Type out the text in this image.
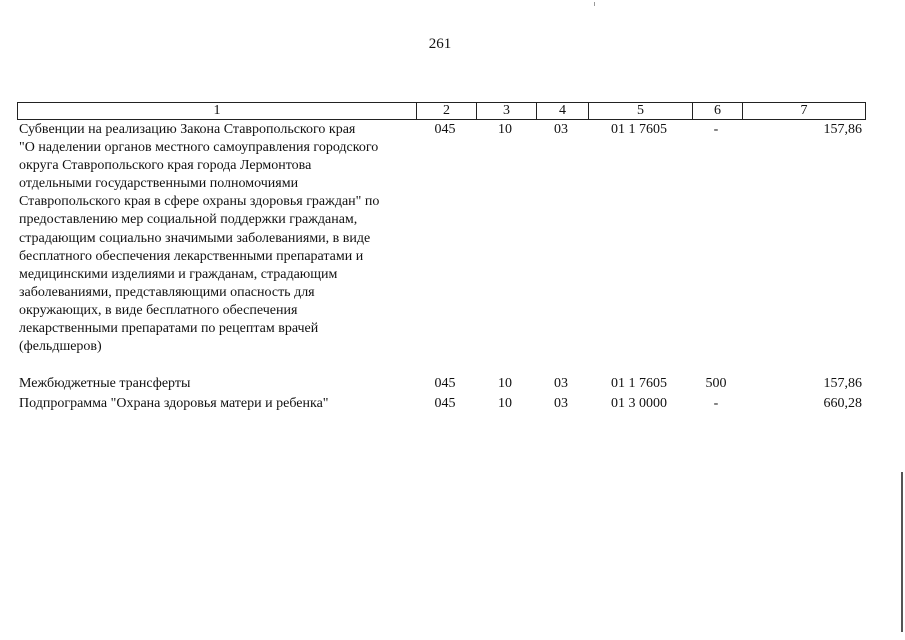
261
1	2	3	4	5	6	7
Субвенции на реализацию Закона Ставропольского края
"О наделении органов местного самоуправления городского
округа Ставропольского края города Лермонтова
отдельными государственными полномочиями
Ставропольского края в сфере охраны здоровья граждан" по
предоставлению мер социальной поддержки гражданам,
страдающим социально значимыми заболеваниями, в виде
бесплатного обеспечения лекарственными препаратами и
медицинскими изделиями и гражданам, страдающим
заболеваниями, представляющими опасность для
окружающих, в виде бесплатного обеспечения
лекарственными препаратами по рецептам врачей
(фельдшеров)
045	10	03	01 1 7605	-	157,86
Межбюджетные трансферты	045	10	03	01 1 7605	500	157,86
Подпрограмма "Охрана здоровья матери и ребенка"	045	10	03	01 3 0000	-	660,28
